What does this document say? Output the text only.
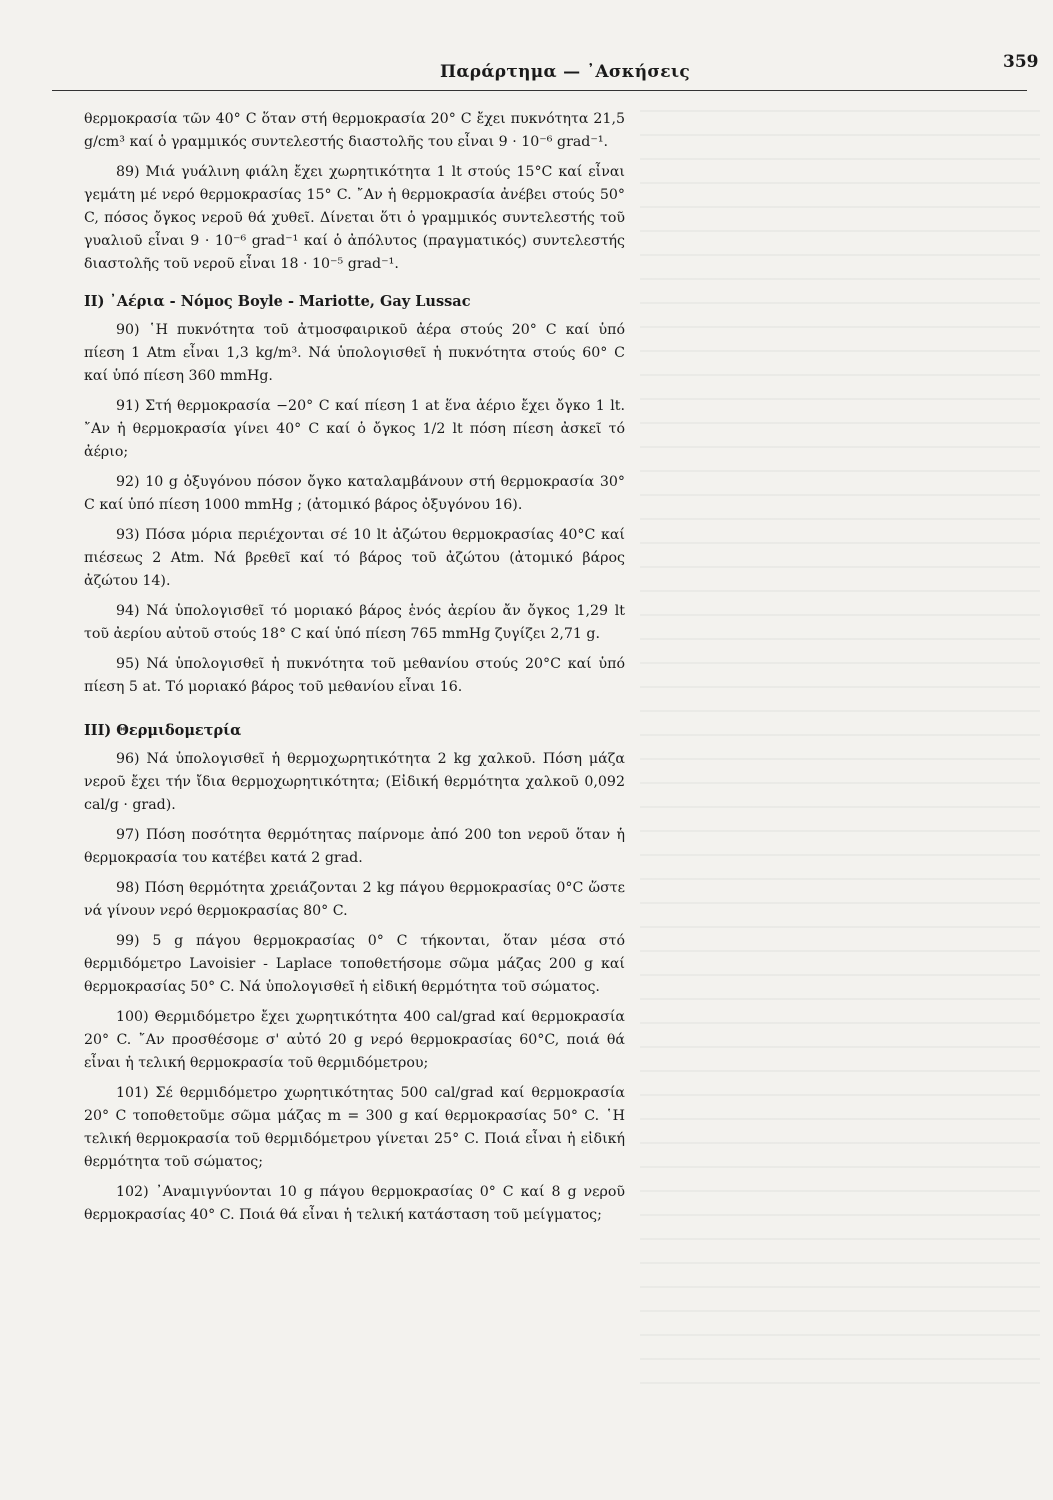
Παράρτημα — ᾿Ασκήσεις	359

θερμοκρασία τῶν 40° C ὅταν στή θερμοκρασία 20° C ἔχει πυκνότητα 21,5 g/cm³ καί ὁ γραμμικός συντελεστής διαστολῆς του εἶναι 9 · 10⁻⁶ grad⁻¹.

89) Μιά γυάλινη φιάλη ἔχει χωρητικότητα 1 lt στούς 15°C καί εἶναι γεμάτη μέ νερό θερμοκρασίας 15° C. ῎Αν ἡ θερμοκρασία ἀνέβει στούς 50° C, πόσος ὄγκος νεροῦ θά χυθεῖ. Δίνεται ὅτι ὁ γραμμικός συντελεστής τοῦ γυαλιοῦ εἶναι 9 · 10⁻⁶ grad⁻¹ καί ὁ ἀπόλυτος (πραγματικός) συντελεστής διαστολῆς τοῦ νεροῦ εἶναι 18 · 10⁻⁵ grad⁻¹.

II) ᾿Αέρια - Νόμος Boyle - Mariotte, Gay Lussac

90) ῾Η πυκνότητα τοῦ ἀτμοσφαιρικοῦ ἀέρα στούς 20° C καί ὑπό πίεση 1 Atm εἶναι 1,3 kg/m³. Νά ὑπολογισθεῖ ἡ πυκνότητα στούς 60° C καί ὑπό πίεση 360 mmHg.

91) Στή θερμοκρασία −20° C καί πίεση 1 at ἕνα ἀέριο ἔχει ὄγκο 1 lt. ῎Αν ἡ θερμοκρασία γίνει 40° C καί ὁ ὄγκος 1/2 lt πόση πίεση ἀσκεῖ τό ἀέριο;

92) 10 g ὀξυγόνου πόσον ὄγκο καταλαμβάνουν στή θερμοκρασία 30° C καί ὑπό πίεση 1000 mmHg ; (ἀτομικό βάρος ὀξυγόνου 16).

93) Πόσα μόρια περιέχονται σέ 10 lt ἀζώτου θερμοκρασίας 40°C καί πιέσεως 2 Atm. Νά βρεθεῖ καί τό βάρος τοῦ ἀζώτου (ἀτομικό βάρος ἀζώτου 14).

94) Νά ὑπολογισθεῖ τό μοριακό βάρος ἑνός ἀερίου ἄν ὄγκος 1,29 lt τοῦ ἀερίου αὐτοῦ στούς 18° C καί ὑπό πίεση 765 mmHg ζυγίζει 2,71 g.

95) Νά ὑπολογισθεῖ ἡ πυκνότητα τοῦ μεθανίου στούς 20°C καί ὑπό πίεση 5 at. Τό μοριακό βάρος τοῦ μεθανίου εἶναι 16.

III) Θερμιδομετρία

96) Νά ὑπολογισθεῖ ἡ θερμοχωρητικότητα 2 kg χαλκοῦ. Πόση μάζα νεροῦ ἔχει τήν ἴδια θερμοχωρητικότητα; (Εἰδική θερμότητα χαλκοῦ 0,092 cal/g · grad).

97) Πόση ποσότητα θερμότητας παίρνομε ἀπό 200 ton νεροῦ ὅταν ἡ θερμοκρασία του κατέβει κατά 2 grad.

98) Πόση θερμότητα χρειάζονται 2 kg πάγου θερμοκρασίας 0°C ὥστε νά γίνουν νερό θερμοκρασίας 80° C.

99) 5 g πάγου θερμοκρασίας 0° C τήκονται, ὅταν μέσα στό θερμιδόμετρο Lavoisier - Laplace τοποθετήσομε σῶμα μάζας 200 g καί θερμοκρασίας 50° C. Νά ὑπολογισθεῖ ἡ εἰδική θερμότητα τοῦ σώματος.

100) Θερμιδόμετρο ἔχει χωρητικότητα 400 cal/grad καί θερμοκρασία 20° C. ῎Αν προσθέσομε σ' αὐτό 20 g νερό θερμοκρασίας 60°C, ποιά θά εἶναι ἡ τελική θερμοκρασία τοῦ θερμιδόμετρου;

101) Σέ θερμιδόμετρο χωρητικότητας 500 cal/grad καί θερμοκρασία 20° C τοποθετοῦμε σῶμα μάζας m = 300 g καί θερμοκρασίας 50° C. ῾Η τελική θερμοκρασία τοῦ θερμιδόμετρου γίνεται 25° C. Ποιά εἶναι ἡ εἰδική θερμότητα τοῦ σώματος;

102) ᾿Αναμιγνύονται 10 g πάγου θερμοκρασίας 0° C καί 8 g νεροῦ θερμοκρασίας 40° C. Ποιά θά εἶναι ἡ τελική κατάσταση τοῦ μείγματος;
